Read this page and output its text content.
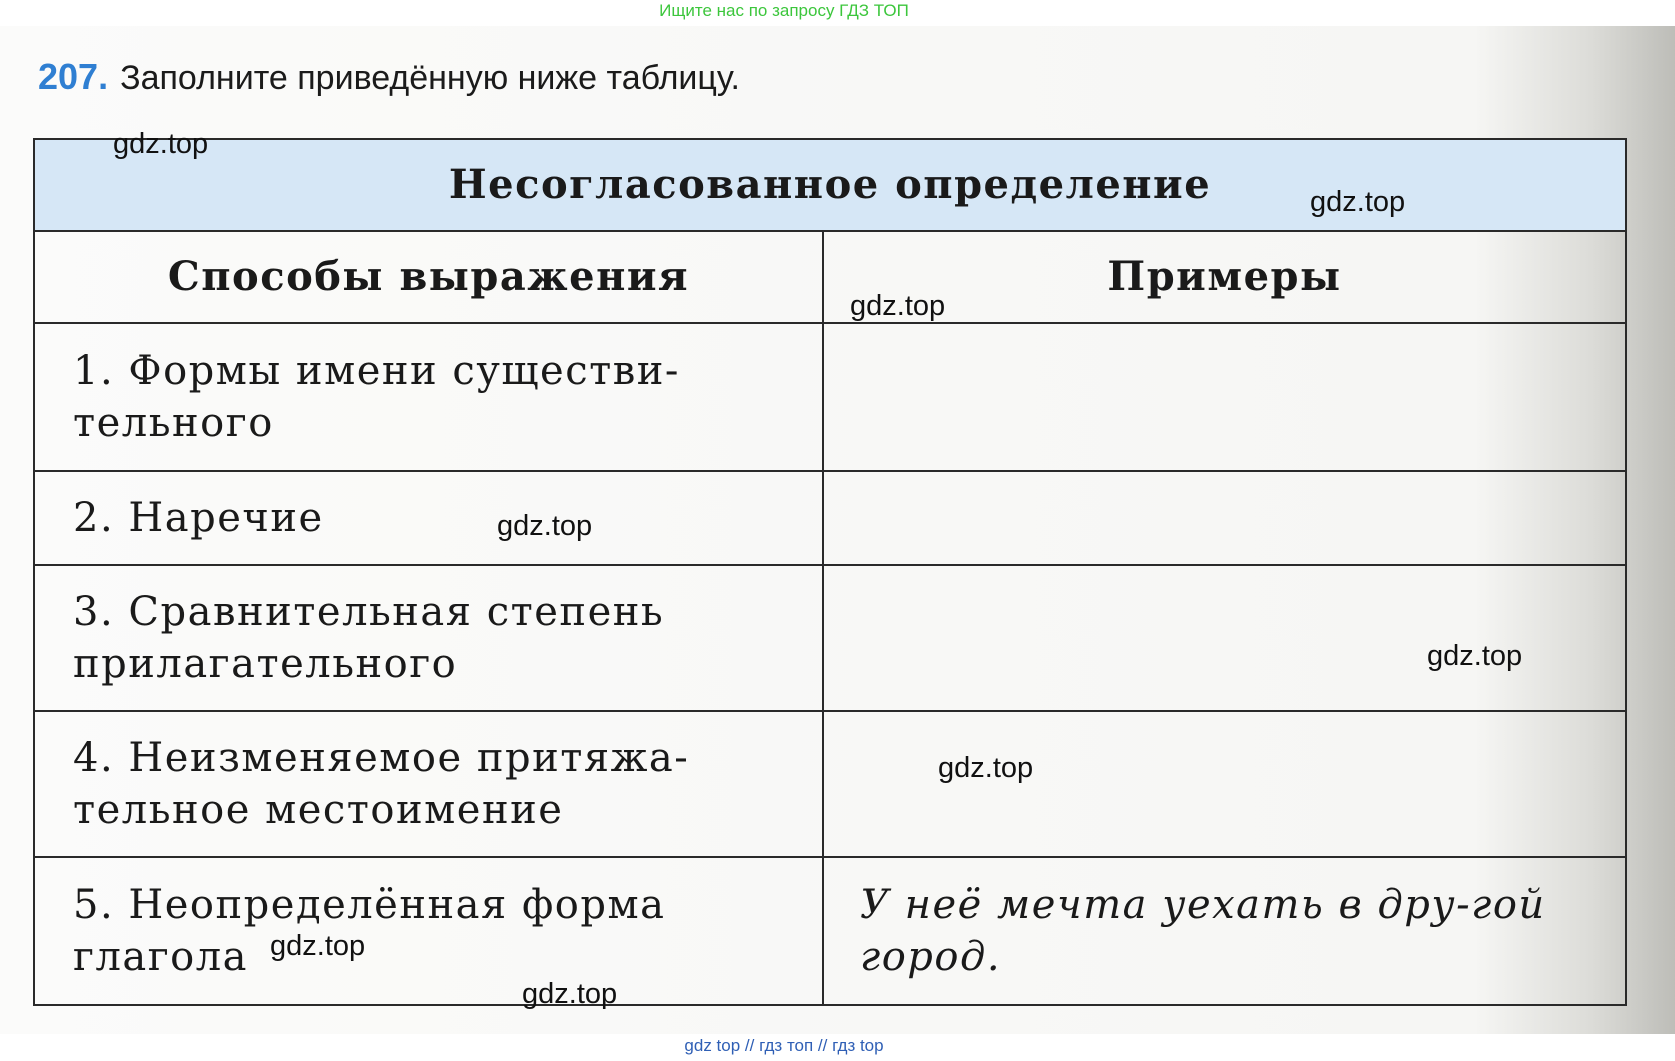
Ищите нас по запросу ГДЗ ТОП
207. Заполните приведённую ниже таблицу.
Несогласованное определение	
Способы выражения	Примеры
1. Формы имени существи-тельного	
2. Наречие	
3. Сравнительная степень прилагательного	
4. Неизменяемое притяжа-тельное местоимение	
5. Неопределённая форма глагола	У неё мечта уехать в дру-гой город.
gdz.top
gdz.top
gdz.top
gdz.top
gdz.top
gdz.top
gdz.top
gdz.top
gdz top // гдз топ // гдз top
